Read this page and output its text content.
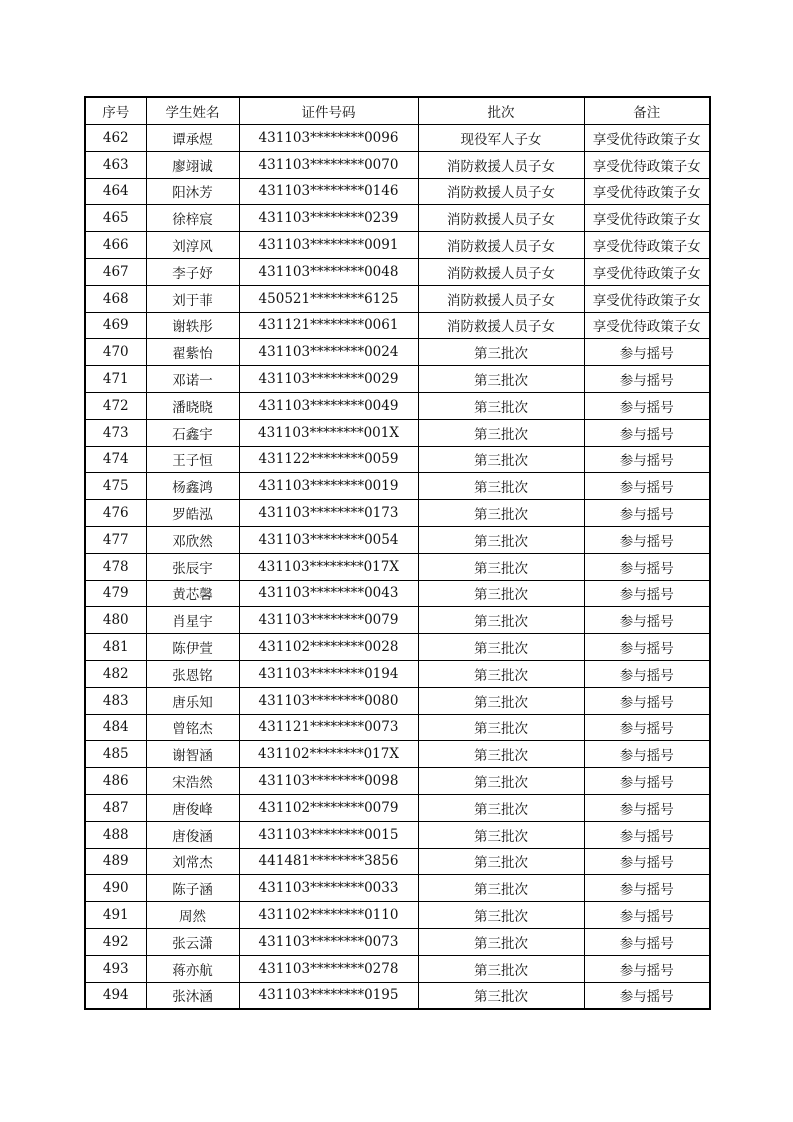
序号	学生姓名	证件号码	批次	备注
462	谭承煜	431103********0096	现役军人子女	享受优待政策子女
463	廖翊诚	431103********0070	消防救援人员子女	享受优待政策子女
464	阳沐芳	431103********0146	消防救援人员子女	享受优待政策子女
465	徐梓宸	431103********0239	消防救援人员子女	享受优待政策子女
466	刘淳风	431103********0091	消防救援人员子女	享受优待政策子女
467	李子妤	431103********0048	消防救援人员子女	享受优待政策子女
468	刘于菲	450521********6125	消防救援人员子女	享受优待政策子女
469	谢轶彤	431121********0061	消防救援人员子女	享受优待政策子女
470	翟紫怡	431103********0024	第三批次	参与摇号
471	邓诺一	431103********0029	第三批次	参与摇号
472	潘晓晓	431103********0049	第三批次	参与摇号
473	石鑫宇	431103********001X	第三批次	参与摇号
474	王子恒	431122********0059	第三批次	参与摇号
475	杨鑫鸿	431103********0019	第三批次	参与摇号
476	罗皓泓	431103********0173	第三批次	参与摇号
477	邓欣然	431103********0054	第三批次	参与摇号
478	张辰宇	431103********017X	第三批次	参与摇号
479	黄芯馨	431103********0043	第三批次	参与摇号
480	肖星宇	431103********0079	第三批次	参与摇号
481	陈伊萱	431102********0028	第三批次	参与摇号
482	张恩铭	431103********0194	第三批次	参与摇号
483	唐乐知	431103********0080	第三批次	参与摇号
484	曾铭杰	431121********0073	第三批次	参与摇号
485	谢智涵	431102********017X	第三批次	参与摇号
486	宋浩然	431103********0098	第三批次	参与摇号
487	唐俊峰	431102********0079	第三批次	参与摇号
488	唐俊涵	431103********0015	第三批次	参与摇号
489	刘常杰	441481********3856	第三批次	参与摇号
490	陈子涵	431103********0033	第三批次	参与摇号
491	周然	431102********0110	第三批次	参与摇号
492	张云潇	431103********0073	第三批次	参与摇号
493	蒋亦航	431103********0278	第三批次	参与摇号
494	张沐涵	431103********0195	第三批次	参与摇号
